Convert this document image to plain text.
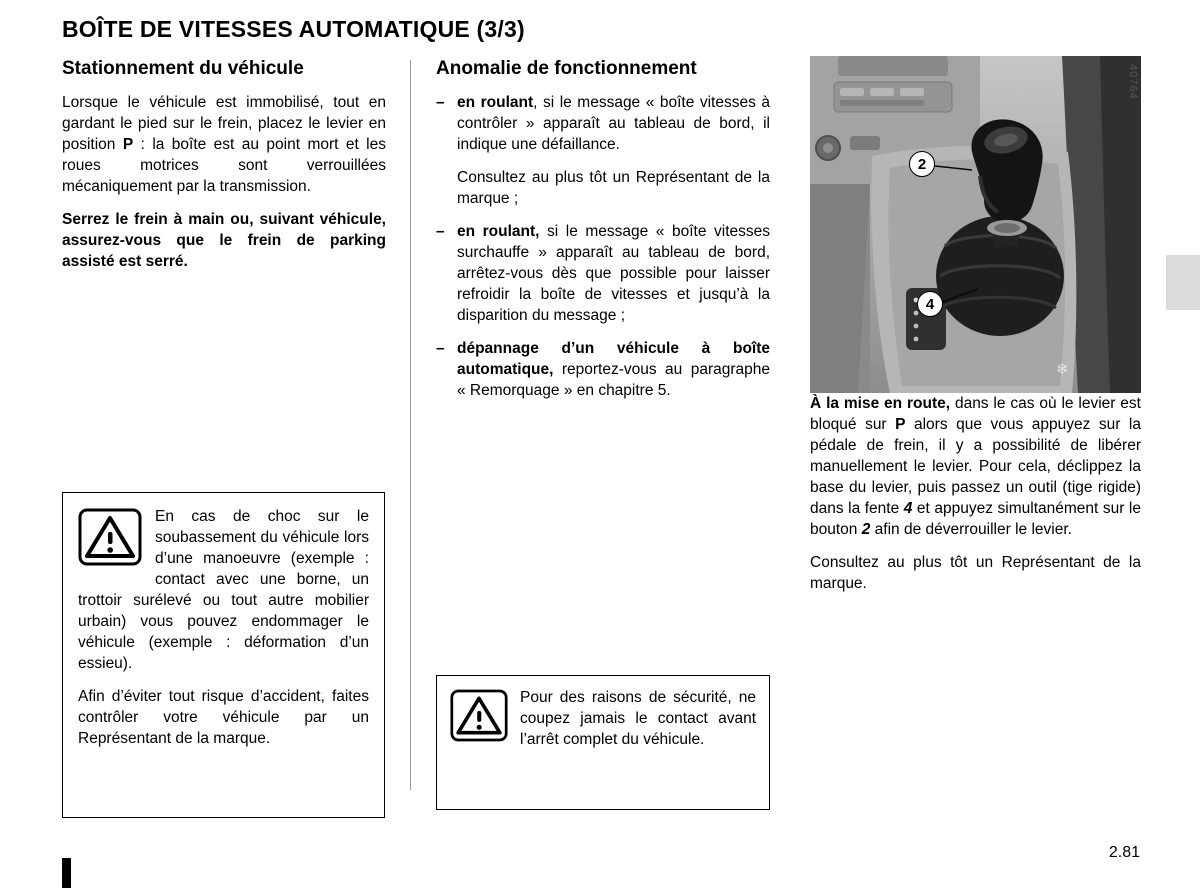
BOÎTE DE VITESSES AUTOMATIQUE (3/3)
Stationnement du véhicule

Lorsque le véhicule est immobilisé, tout en gardant le pied sur le frein, placez le levier en position P : la boîte est au point mort et les roues motrices sont verrouillées mécaniquement par la transmission.

Serrez le frein à main ou, suivant véhicule, assurez-vous que le frein de parking assisté est serré.

En cas de choc sur le soubassement du véhicule lors d’une manoeuvre (exemple : contact avec une borne, un trottoir surélevé ou tout autre mobilier urbain) vous pouvez endommager le véhicule (exemple : déformation d’un essieu).

Afin d’éviter tout risque d’accident, faites contrôler votre véhicule par un Représentant de la marque.

Anomalie de fonctionnement
– en roulant, si le message « boîte vitesses à contrôler » apparaît au tableau de bord, il indique une défaillance.

Consultez au plus tôt un Représentant de la marque ;

– en roulant, si le message « boîte vitesses surchauffe » apparaît au tableau de bord, arrêtez-vous dès que possible pour laisser refroidir la boîte de vitesses et jusqu’à la disparition du message ;

– dépannage d’un véhicule à boîte automatique, reportez-vous au paragraphe « Remorquage » en chapitre 5.

Pour des raisons de sécurité, ne coupez jamais le contact avant l’arrêt complet du véhicule.

❄
2
4
40764

À la mise en route, dans le cas où le levier est bloqué sur P alors que vous appuyez sur la pédale de frein, il y a possibilité de libérer manuellement le levier. Pour cela, déclippez la base du levier, puis passez un outil (tige rigide) dans la fente 4 et appuyez simultanément sur le bouton 2 afin de déverrouiller le levier.

Consultez au plus tôt un Représentant de la marque.

2.81
